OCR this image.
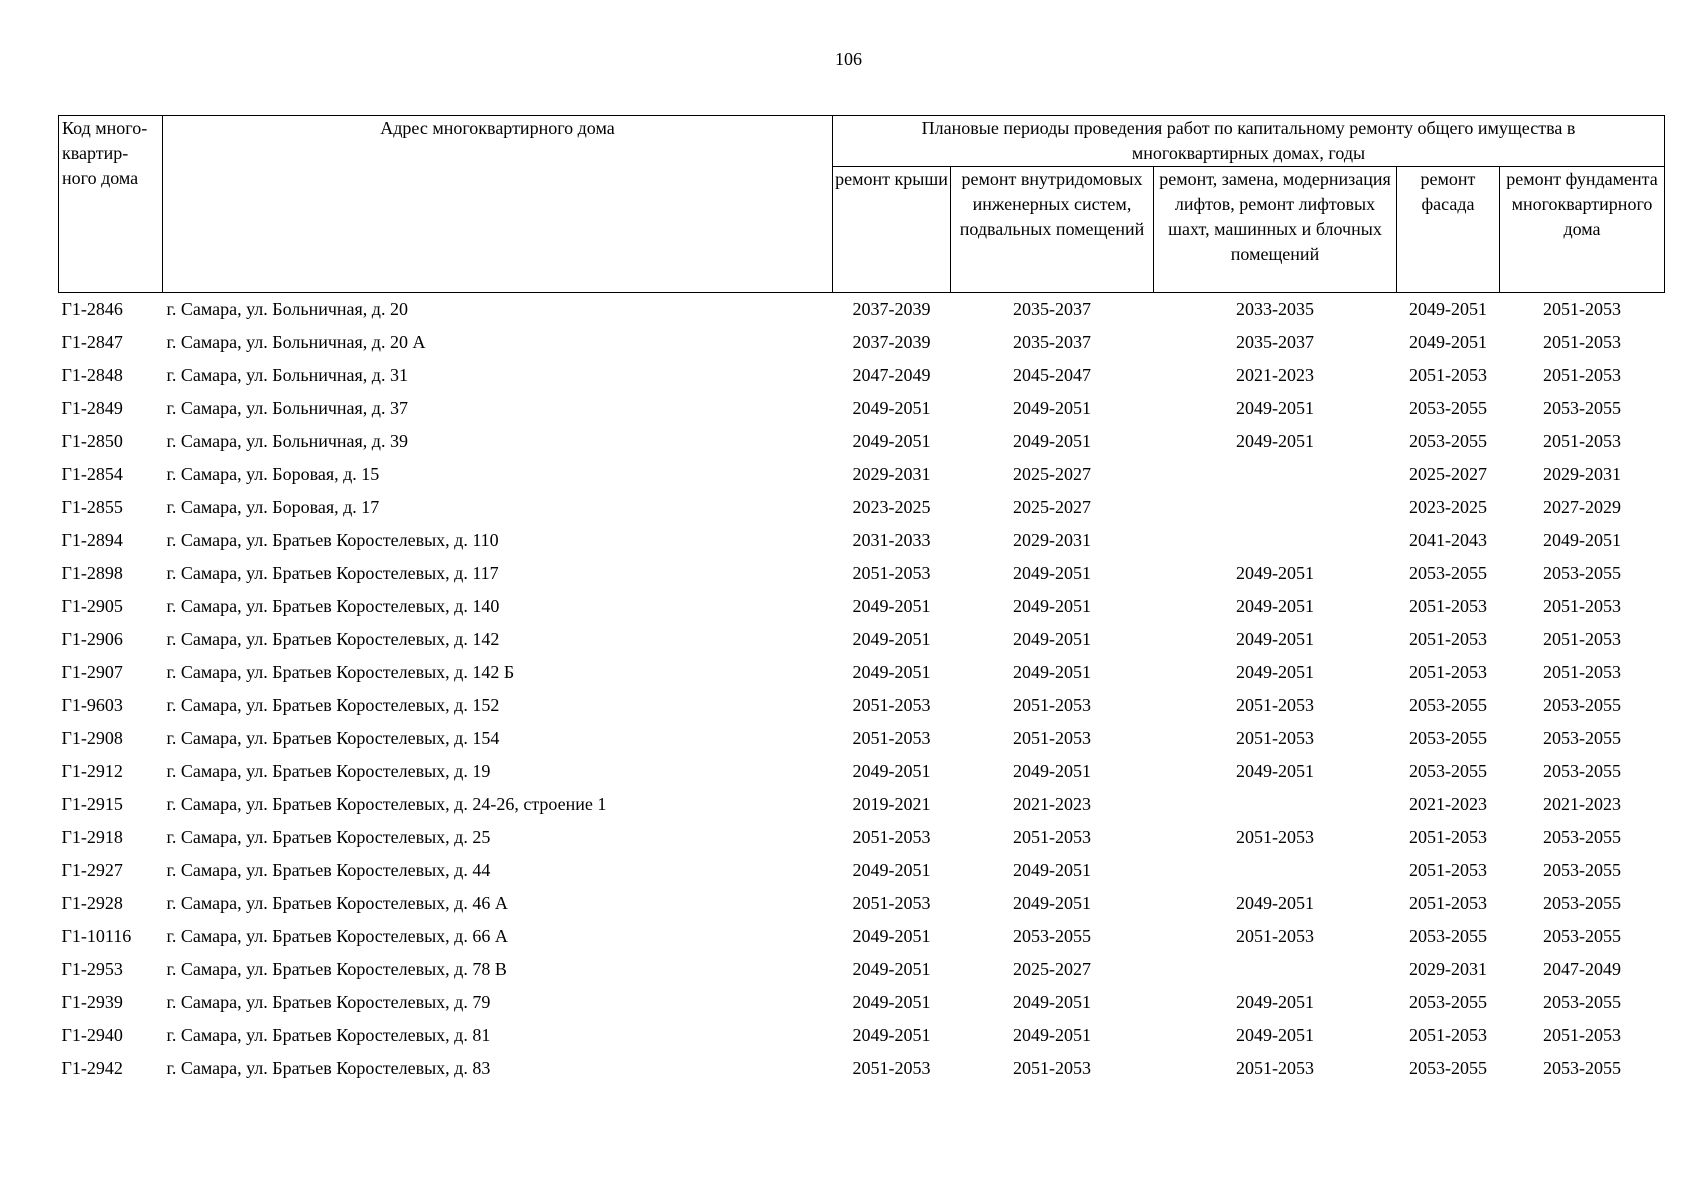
106
Код много-квартир-ного дома	Адрес многоквартирного дома	Плановые периоды проведения работ по капитальному ремонту общего имущества в многоквартирных домах, годы				
		ремонт крыши	ремонт внутридомовых инженерных систем, подвальных помещений	ремонт, замена, модернизация лифтов, ремонт лифтовых шахт, машинных и блочных помещений	ремонт фасада	ремонт фундамента многоквартирного дома
Г1-2846	г. Самара, ул. Больничная, д. 20	2037-2039	2035-2037	2033-2035	2049-2051	2051-2053
Г1-2847	г. Самара, ул. Больничная, д. 20 А	2037-2039	2035-2037	2035-2037	2049-2051	2051-2053
Г1-2848	г. Самара, ул. Больничная, д. 31	2047-2049	2045-2047	2021-2023	2051-2053	2051-2053
Г1-2849	г. Самара, ул. Больничная, д. 37	2049-2051	2049-2051	2049-2051	2053-2055	2053-2055
Г1-2850	г. Самара, ул. Больничная, д. 39	2049-2051	2049-2051	2049-2051	2053-2055	2051-2053
Г1-2854	г. Самара, ул. Боровая, д. 15	2029-2031	2025-2027		2025-2027	2029-2031
Г1-2855	г. Самара, ул. Боровая, д. 17	2023-2025	2025-2027		2023-2025	2027-2029
Г1-2894	г. Самара, ул. Братьев Коростелевых, д. 110	2031-2033	2029-2031		2041-2043	2049-2051
Г1-2898	г. Самара, ул. Братьев Коростелевых, д. 117	2051-2053	2049-2051	2049-2051	2053-2055	2053-2055
Г1-2905	г. Самара, ул. Братьев Коростелевых, д. 140	2049-2051	2049-2051	2049-2051	2051-2053	2051-2053
Г1-2906	г. Самара, ул. Братьев Коростелевых, д. 142	2049-2051	2049-2051	2049-2051	2051-2053	2051-2053
Г1-2907	г. Самара, ул. Братьев Коростелевых, д. 142 Б	2049-2051	2049-2051	2049-2051	2051-2053	2051-2053
Г1-9603	г. Самара, ул. Братьев Коростелевых, д. 152	2051-2053	2051-2053	2051-2053	2053-2055	2053-2055
Г1-2908	г. Самара, ул. Братьев Коростелевых, д. 154	2051-2053	2051-2053	2051-2053	2053-2055	2053-2055
Г1-2912	г. Самара, ул. Братьев Коростелевых, д. 19	2049-2051	2049-2051	2049-2051	2053-2055	2053-2055
Г1-2915	г. Самара, ул. Братьев Коростелевых, д. 24-26, строение 1	2019-2021	2021-2023		2021-2023	2021-2023
Г1-2918	г. Самара, ул. Братьев Коростелевых, д. 25	2051-2053	2051-2053	2051-2053	2051-2053	2053-2055
Г1-2927	г. Самара, ул. Братьев Коростелевых, д. 44	2049-2051	2049-2051		2051-2053	2053-2055
Г1-2928	г. Самара, ул. Братьев Коростелевых, д. 46 А	2051-2053	2049-2051	2049-2051	2051-2053	2053-2055
Г1-10116	г. Самара, ул. Братьев Коростелевых, д. 66 А	2049-2051	2053-2055	2051-2053	2053-2055	2053-2055
Г1-2953	г. Самара, ул. Братьев Коростелевых, д. 78 В	2049-2051	2025-2027		2029-2031	2047-2049
Г1-2939	г. Самара, ул. Братьев Коростелевых, д. 79	2049-2051	2049-2051	2049-2051	2053-2055	2053-2055
Г1-2940	г. Самара, ул. Братьев Коростелевых, д. 81	2049-2051	2049-2051	2049-2051	2051-2053	2051-2053
Г1-2942	г. Самара, ул. Братьев Коростелевых, д. 83	2051-2053	2051-2053	2051-2053	2053-2055	2053-2055
